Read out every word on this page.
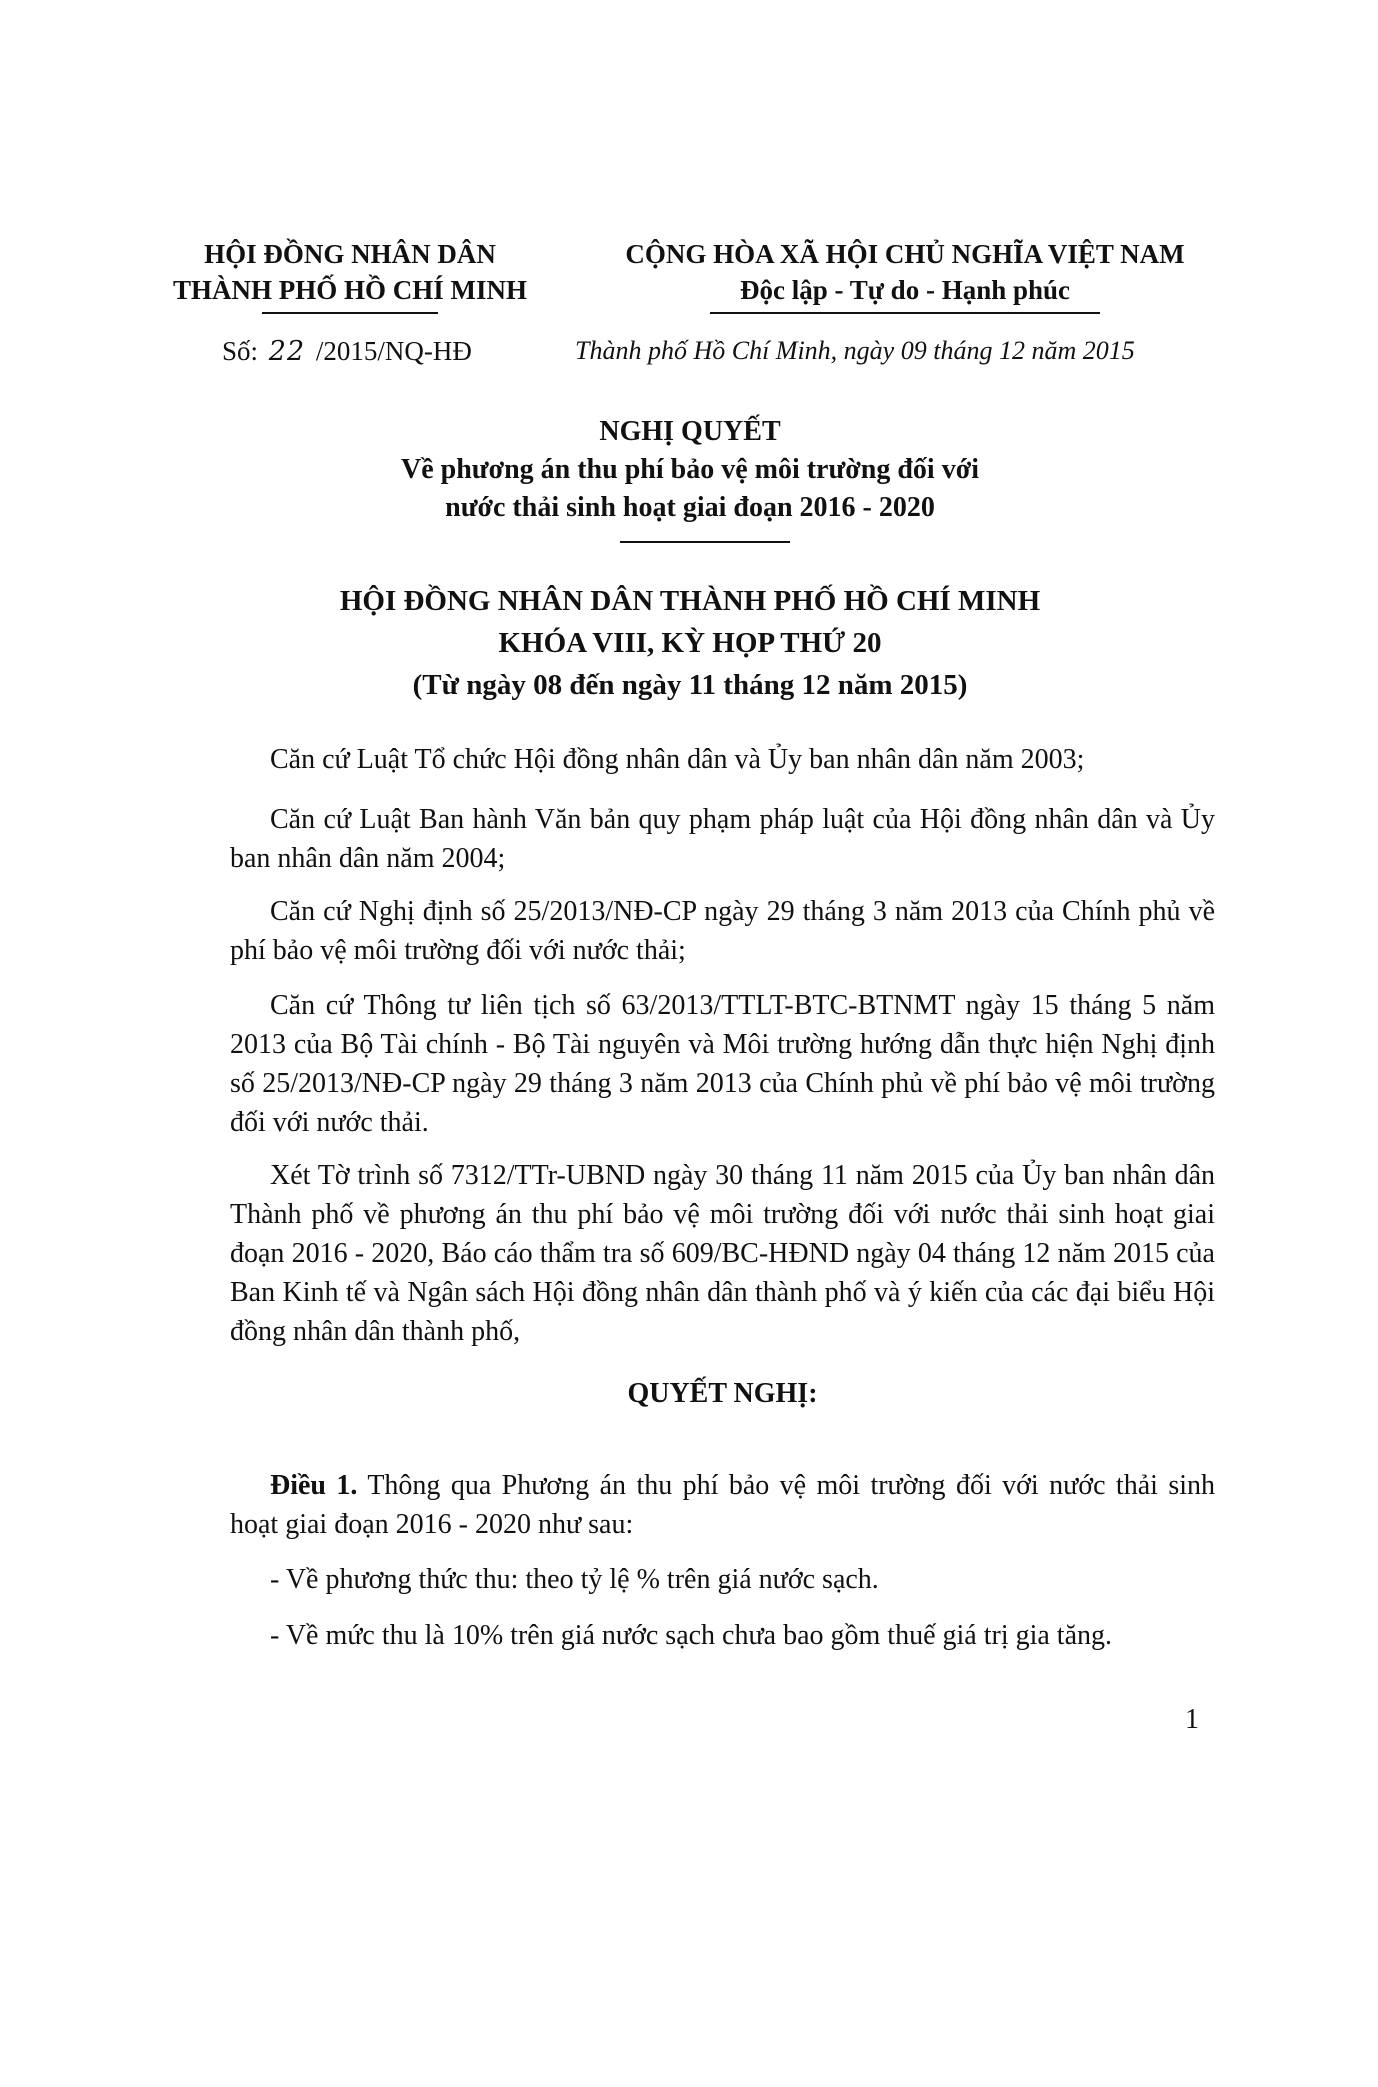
HỘI ĐỒNG NHÂN DÂN
THÀNH PHỐ HỒ CHÍ MINH
CỘNG HÒA XÃ HỘI CHỦ NGHĨA VIỆT NAM
Độc lập - Tự do - Hạnh phúc
Số: 22 /2015/NQ-HĐ	Thành phố Hồ Chí Minh, ngày 09 tháng 12 năm 2015
NGHỊ QUYẾT
Về phương án thu phí bảo vệ môi trường đối với
nước thải sinh hoạt giai đoạn 2016 - 2020
HỘI ĐỒNG NHÂN DÂN THÀNH PHỐ HỒ CHÍ MINH
KHÓA VIII, KỲ HỌP THỨ 20
(Từ ngày 08 đến ngày 11 tháng 12 năm 2015)
Căn cứ Luật Tổ chức Hội đồng nhân dân và Ủy ban nhân dân năm 2003;
Căn cứ Luật Ban hành Văn bản quy phạm pháp luật của Hội đồng nhân dân và Ủy ban nhân dân năm 2004;
Căn cứ Nghị định số 25/2013/NĐ-CP ngày 29 tháng 3 năm 2013 của Chính phủ về phí bảo vệ môi trường đối với nước thải;
Căn cứ Thông tư liên tịch số 63/2013/TTLT-BTC-BTNMT ngày 15 tháng 5 năm 2013 của Bộ Tài chính - Bộ Tài nguyên và Môi trường hướng dẫn thực hiện Nghị định số 25/2013/NĐ-CP ngày 29 tháng 3 năm 2013 của Chính phủ về phí bảo vệ môi trường đối với nước thải.
Xét Tờ trình số 7312/TTr-UBND ngày 30 tháng 11 năm 2015 của Ủy ban nhân dân Thành phố về phương án thu phí bảo vệ môi trường đối với nước thải sinh hoạt giai đoạn 2016 - 2020, Báo cáo thẩm tra số 609/BC-HĐND ngày 04 tháng 12 năm 2015 của Ban Kinh tế và Ngân sách Hội đồng nhân dân thành phố và ý kiến của các đại biểu Hội đồng nhân dân thành phố,
QUYẾT NGHỊ:
Điều 1. Thông qua Phương án thu phí bảo vệ môi trường đối với nước thải sinh hoạt giai đoạn 2016 - 2020 như sau:
- Về phương thức thu: theo tỷ lệ % trên giá nước sạch.
- Về mức thu là 10% trên giá nước sạch chưa bao gồm thuế giá trị gia tăng.
1
